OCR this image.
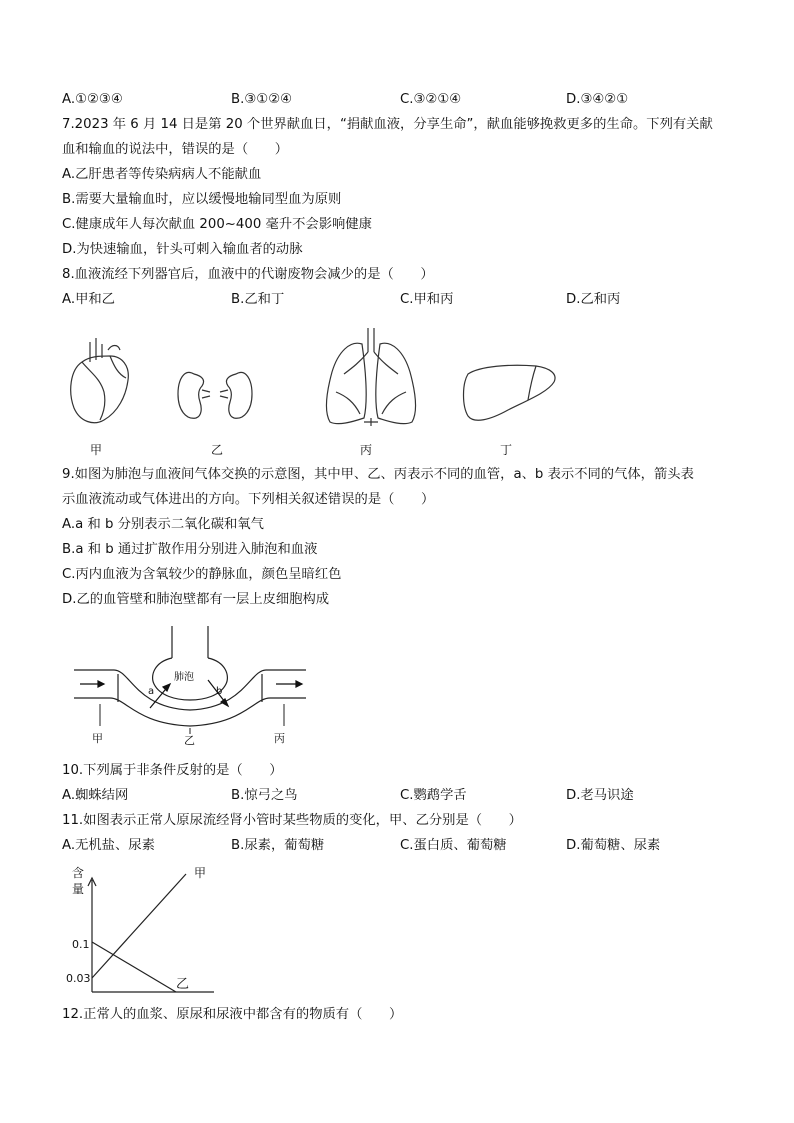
A.①②③④	B.③①②④	C.③②①④	D.③④②①
7.2023 年 6 月 14 日是第 20 个世界献血日，“捐献血液，分享生命”，献血能够挽救更多的生命。下列有关献
血和输血的说法中，错误的是（　　）
A.乙肝患者等传染病病人不能献血
B.需要大量输血时，应以缓慢地输同型血为原则
C.健康成年人每次献血 200~400 毫升不会影响健康
D.为快速输血，针头可刺入输血者的动脉
8.血液流经下列器官后，血液中的代谢废物会减少的是（　　）
A.甲和乙	B.乙和丁	C.甲和丙	D.乙和丙
甲	乙	丙	丁
9.如图为肺泡与血液间气体交换的示意图，其中甲、乙、丙表示不同的血管，a、b 表示不同的气体，箭头表
示血液流动或气体进出的方向。下列相关叙述错误的是（　　）
A.a 和 b 分别表示二氧化碳和氧气
B.a 和 b 通过扩散作用分别进入肺泡和血液
C.丙内血液为含氧较少的静脉血，颜色呈暗红色
D.乙的血管壁和肺泡壁都有一层上皮细胞构成
肺泡
a	b
甲	乙	丙
10.下列属于非条件反射的是（　　）
A.蜘蛛结网	B.惊弓之鸟	C.鹦鹉学舌	D.老马识途
11.如图表示正常人原尿流经肾小管时某些物质的变化，甲、乙分别是（　　）
A.无机盐、尿素	B.尿素，葡萄糖	C.蛋白质、葡萄糖	D.葡萄糖、尿素
含
量
0.1
0.03
甲
乙
12.正常人的血浆、原尿和尿液中都含有的物质有（　　）
